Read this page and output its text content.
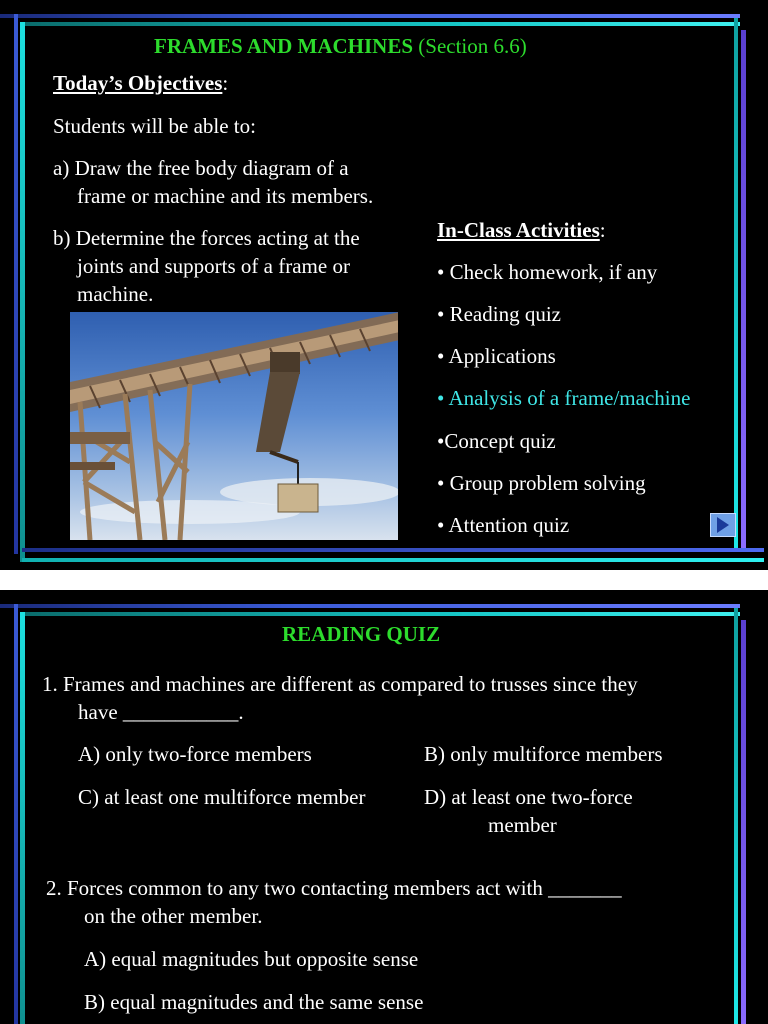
FRAMES AND MACHINES (Section 6.6)
Today’s Objectives:
Students will be able to:
a) Draw the free body diagram of a
frame or machine and its members.
b) Determine the forces acting at the
joints and supports of a frame or
machine.
In-Class Activities:
• Check homework, if any
• Reading quiz
• Applications
• Analysis of a frame/machine
•Concept quiz
• Group problem solving
• Attention quiz
READING QUIZ
1. Frames and machines are different as compared to trusses since they
have ___________.
A) only two-force members	B) only multiforce members
C) at least one multiforce member	D) at least one two-force
member
2. Forces common to any two contacting members act with _______
on the other member.
A) equal magnitudes but opposite sense
B) equal magnitudes and the same sense
